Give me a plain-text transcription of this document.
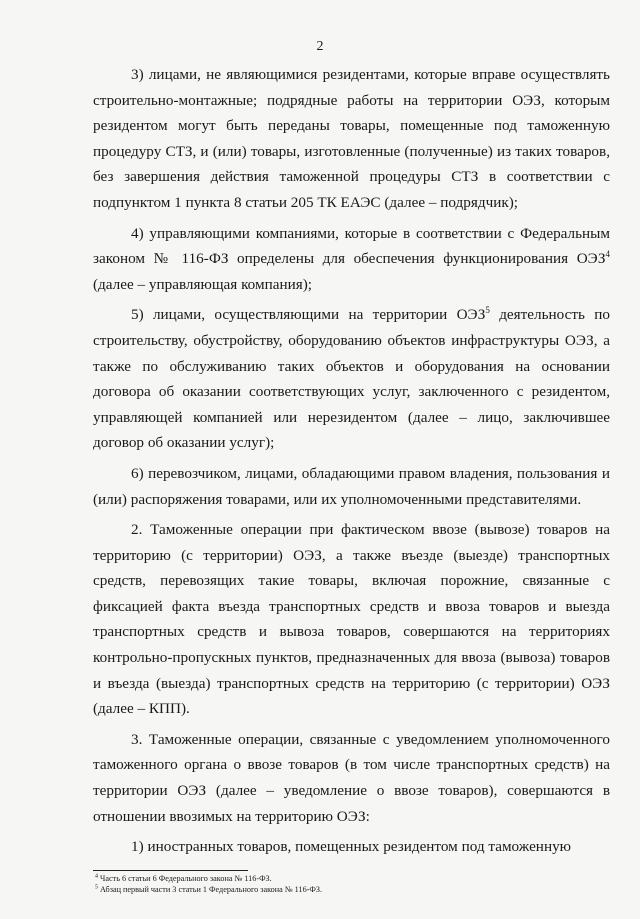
2

3) лицами, не являющимися резидентами, которые вправе осуществлять строительно-монтажные; подрядные работы на территории ОЭЗ, которым резидентом могут быть переданы товары, помещенные под таможенную процедуру СТЗ, и (или) товары, изготовленные (полученные) из таких товаров, без завершения действия таможенной процедуры СТЗ в соответствии с подпунктом 1 пункта 8 статьи 205 ТК ЕАЭС (далее – подрядчик);

4) управляющими компаниями, которые в соответствии с Федеральным законом № 116-ФЗ определены для обеспечения функционирования ОЭЗ$^4$ (далее – управляющая компания);

5) лицами, осуществляющими на территории ОЭЗ$^5$ деятельность по строительству, обустройству, оборудованию объектов инфраструктуры ОЭЗ, а также по обслуживанию таких объектов и оборудования на основании договора об оказании соответствующих услуг, заключенного с резидентом, управляющей компанией или нерезидентом (далее – лицо, заключившее договор об оказании услуг);

6) перевозчиком, лицами, обладающими правом владения, пользования и (или) распоряжения товарами, или их уполномоченными представителями.

2. Таможенные операции при фактическом ввозе (вывозе) товаров на территорию (с территории) ОЭЗ, а также въезде (выезде) транспортных средств, перевозящих такие товары, включая порожние, связанные с фиксацией факта въезда транспортных средств и ввоза товаров и выезда транспортных средств и вывоза товаров, совершаются на территориях контрольно-пропускных пунктов, предназначенных для ввоза (вывоза) товаров и въезда (выезда) транспортных средств на территорию (с территории) ОЭЗ (далее – КПП).

3. Таможенные операции, связанные с уведомлением уполномоченного таможенного органа о ввозе товаров (в том числе транспортных средств) на территории ОЭЗ (далее – уведомление о ввозе товаров), совершаются в отношении ввозимых на территорию ОЭЗ:

1) иностранных товаров, помещенных резидентом под таможенную

$^4$ Часть 6 статьи 6 Федерального закона № 116-ФЗ.
$^5$ Абзац первый части 3 статьи 1 Федерального закона № 116-ФЗ.
